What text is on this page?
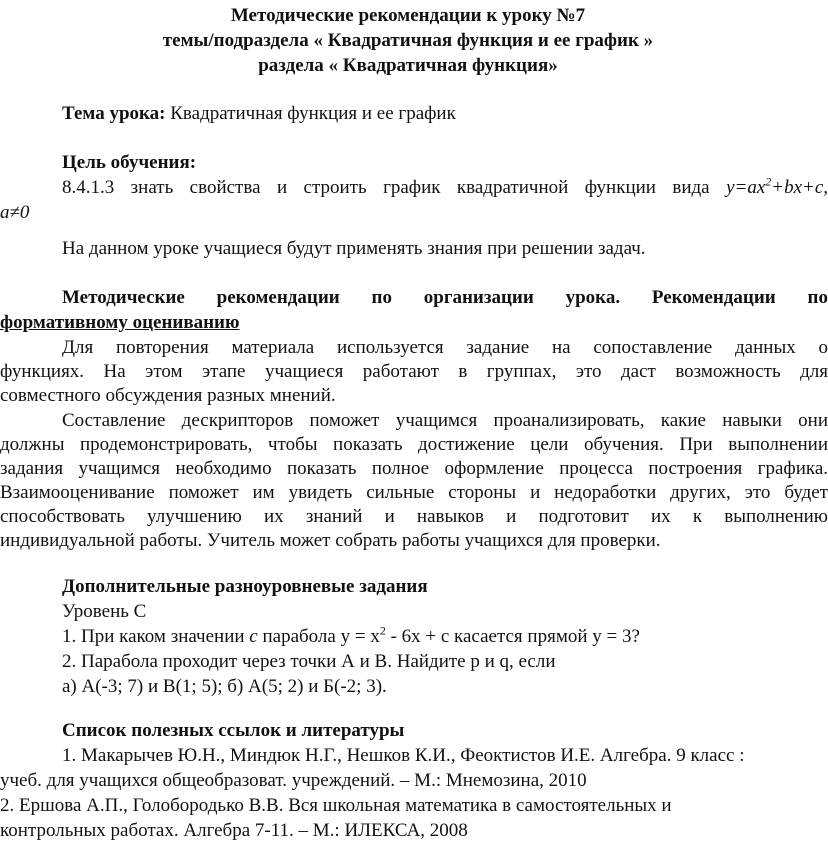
Методические рекомендации к уроку №7
темы/подраздела « Квадратичная функция и ее график »
раздела « Квадратичная функция»
Тема урока: Квадратичная функция и ее график
Цель обучения:
8.4.1.3 знать свойства и строить график квадратичной функции вида $y=ax^2+bx+c$,
a≠0
На данном уроке учащиеся будут применять знания при решении задач.
Методические рекомендации по организации урока. Рекомендации по
формативному оцениванию
Для повторения материала используется задание на сопоставление данных о
функциях. На этом этапе учащиеся работают в группах, это даст возможность для
совместного обсуждения разных мнений.
Составление дескрипторов поможет учащимся проанализировать, какие навыки они
должны продемонстрировать, чтобы показать достижение цели обучения. При выполнении
задания учащимся необходимо показать полное оформление процесса построения графика.
Взаимооценивание поможет им увидеть сильные стороны и недоработки других, это будет
способствовать улучшению их знаний и навыков и подготовит их к выполнению
индивидуальной работы. Учитель может собрать работы учащихся для проверки.
Дополнительные разноуровневые задания
Уровень С
1. При каком значении c парабола $у = х^2 - 6х + с$ касается прямой у = 3?
2. Парабола проходит через точки А и В. Найдите p и q, если
а) А(-3; 7) и В(1; 5); б) А(5; 2) и Б(-2; 3).
Список полезных ссылок и литературы
1. Макарычев Ю.Н., Миндюк Н.Г., Нешков К.И., Феоктистов И.Е. Алгебра. 9 класс :
учеб. для учащихся общеобразоват. учреждений. – М.: Мнемозина, 2010
2. Ершова А.П., Голобородько В.В. Вся школьная математика в самостоятельных и
контрольных работах. Алгебра 7-11. – М.: ИЛЕКСА, 2008
